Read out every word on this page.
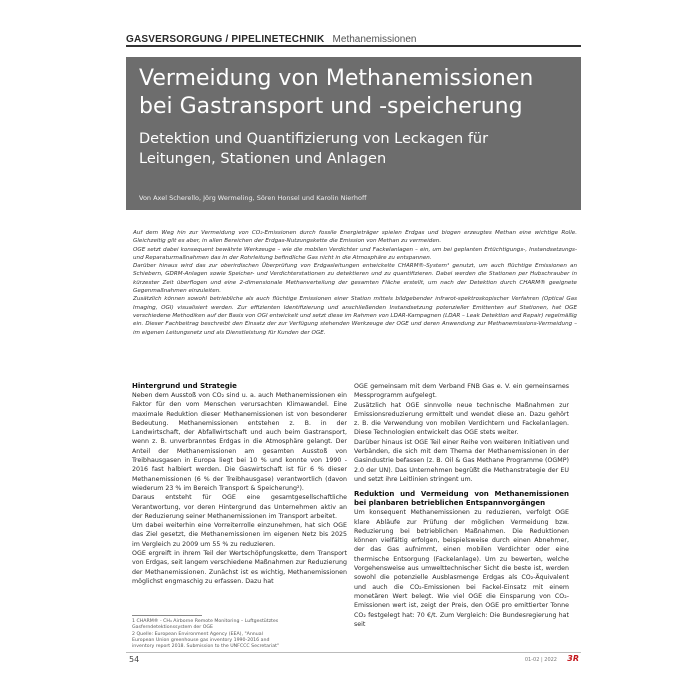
GASVERSORGUNG / PIPELINETECHNIK Methanemissionen
Vermeidung von Methanemissionen bei Gastransport und -speicherung
Detektion und Quantifizierung von Leckagen für Leitungen, Stationen und Anlagen
Von Axel Scherello, Jörg Wermeling, Sören Honsel und Karolin Nierhoff

Auf dem Weg hin zur Vermeidung von CO₂-Emissionen durch fossile Energieträger spielen Erdgas und biogen erzeugtes Methan eine wichtige Rolle. Gleichzeitig gilt es aber, in allen Bereichen der Erdgas-Nutzungskette die Emission von Methan zu vermeiden.

OGE setzt dabei konsequent bewährte Werkzeuge – wie die mobilen Verdichter und Fackelanlagen – ein, um bei geplanten Ertüchtigungs-, Instandsetzungs- und Reparaturmaßnahmen das in der Rohrleitung befindliche Gas nicht in die Atmosphäre zu entspannen.

Darüber hinaus wird das zur oberirdischen Überprüfung von Erdgasleitungen entwickelte CHARM®-System¹ genutzt, um auch flüchtige Emissionen an Schiebern, GDRM-Anlagen sowie Speicher- und Verdichterstationen zu detektieren und zu quantifizieren. Dabei werden die Stationen per Hubschrauber in kürzester Zeit überflogen und eine 2-dimensionale Methanverteilung der gesamten Fläche erstellt, um nach der Detektion durch CHARM® geeignete Gegenmaßnahmen einzuleiten.

Zusätzlich können sowohl betriebliche als auch flüchtige Emissionen einer Station mittels bildgebender infrarot-spektroskopischer Verfahren (Optical Gas Imaging, OGI) visualisiert werden. Zur effizienten Identifizierung und anschließenden Instandsetzung potenzieller Emittenten auf Stationen, hat OGE verschiedene Methodiken auf der Basis von OGI entwickelt und setzt diese im Rahmen von LDAR-Kampagnen (LDAR – Leak Detektion and Repair) regelmäßig ein. Dieser Fachbeitrag beschreibt den Einsatz der zur Verfügung stehenden Werkzeuge der OGE und deren Anwendung zur Methanemissions-Vermeidung – im eigenen Leitungsnetz und als Dienstleistung für Kunden der OGE.

Hintergrund und Strategie

Neben dem Ausstoß von CO₂ sind u. a. auch Methanemissionen ein Faktor für den vom Menschen verursachten Klimawandel. Eine maximale Reduktion dieser Methanemissionen ist von besonderer Bedeutung. Methanemissionen entstehen z. B. in der Landwirtschaft, der Abfallwirtschaft und auch beim Gastransport, wenn z. B. unverbranntes Erdgas in die Atmosphäre gelangt. Der Anteil der Methanemissionen am gesamten Ausstoß von Treibhausgasen in Europa liegt bei 10 % und konnte von 1990 - 2016 fast halbiert werden. Die Gaswirtschaft ist für 6 % dieser Methanemissionen (6 % der Treibhausgase) verantwortlich (davon wiederum 23 % im Bereich Transport & Speicherung²).

Daraus entsteht für OGE eine gesamtgesellschaftliche Verantwortung, vor deren Hintergrund das Unternehmen aktiv an der Reduzierung seiner Methanemissionen im Transport arbeitet.

Um dabei weiterhin eine Vorreiterrolle einzunehmen, hat sich OGE das Ziel gesetzt, die Methanemissionen im eigenen Netz bis 2025 im Vergleich zu 2009 um 55 % zu reduzieren.

OGE ergreift in ihrem Teil der Wertschöpfungskette, dem Transport von Erdgas, seit langem verschiedene Maßnahmen zur Reduzierung der Methanemissionen. Zunächst ist es wichtig, Methanemissionen möglichst engmaschig zu erfassen. Dazu hat

OGE gemeinsam mit dem Verband FNB Gas e. V. ein gemeinsames Messprogramm aufgelegt.

Zusätzlich hat OGE sinnvolle neue technische Maßnahmen zur Emissionsreduzierung ermittelt und wendet diese an. Dazu gehört z. B. die Verwendung von mobilen Verdichtern und Fackelanlagen. Diese Technologien entwickelt das OGE stets weiter.

Darüber hinaus ist OGE Teil einer Reihe von weiteren Initiativen und Verbänden, die sich mit dem Thema der Methanemissionen in der Gasindustrie befassen (z. B. Oil & Gas Methane Programme (OGMP) 2.0 der UN). Das Unternehmen begrüßt die Methanstrategie der EU und setzt ihre Leitlinien stringent um.

Reduktion und Vermeidung von Methanemissionen bei planbaren betrieblichen Entspannvorgängen

Um konsequent Methanemissionen zu reduzieren, verfolgt OGE klare Abläufe zur Prüfung der möglichen Vermeidung bzw. Reduzierung bei betrieblichen Maßnahmen. Die Reduktionen können vielfältig erfolgen, beispielsweise durch einen Abnehmer, der das Gas aufnimmt, einen mobilen Verdichter oder eine thermische Entsorgung (Fackelanlage). Um zu bewerten, welche Vorgehensweise aus umwelttechnischer Sicht die beste ist, werden sowohl die potenzielle Ausblasmenge Erdgas als CO₂-Äquivalent und auch die CO₂-Emissionen bei Fackel-Einsatz mit einem monetären Wert belegt. Wie viel OGE die Einsparung von CO₂-Emissionen wert ist, zeigt der Preis, den OGE pro emittierter Tonne CO₂ festgelegt hat: 70 €/t. Zum Vergleich: Die Bundesregierung hat seit

1 CHARM® - CH₄ Airborne Remote Monitoring – Luftgestütztes Gasferndetektionssystem der OGE

2 Quelle: European Environment Agency (EEA), "Annual European Union greenhouse gas inventory 1990-2016 and inventory report 2018. Submission to the UNFCCC Secretariat"

54	01-02 | 2022 3R
